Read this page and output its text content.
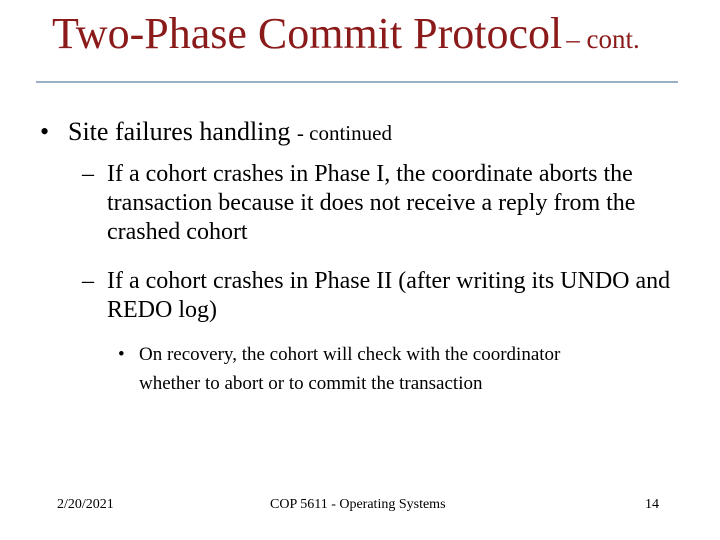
Two-Phase Commit Protocol – cont.
• Site failures handling - continued
– If a cohort crashes in Phase I, the coordinate aborts the transaction because it does not receive a reply from the crashed cohort
– If a cohort crashes in Phase II (after writing its UNDO and REDO log)
• On recovery, the cohort will check with the coordinator whether to abort or to commit the transaction
2/20/2021	COP 5611 - Operating Systems	14
